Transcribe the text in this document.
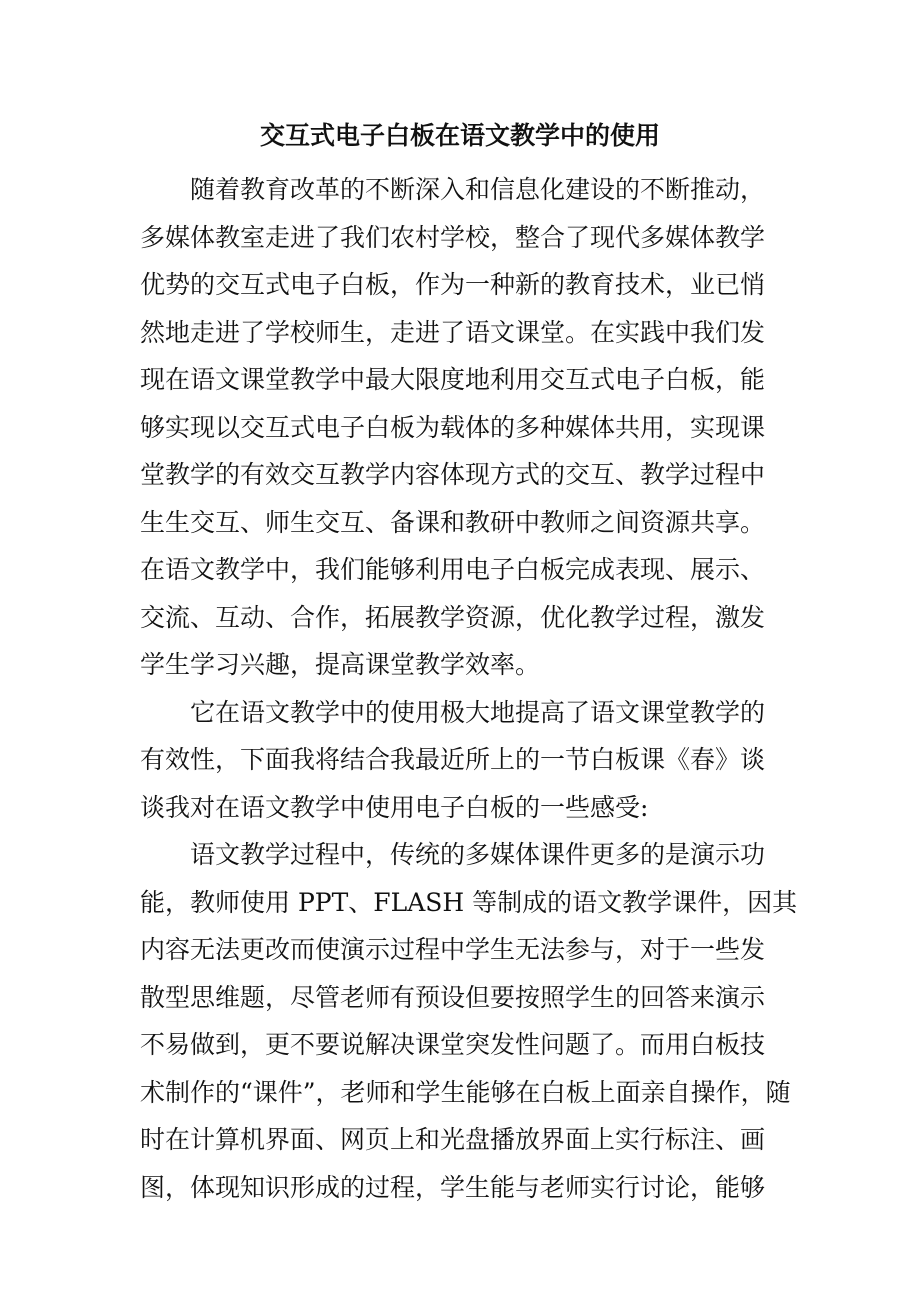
交互式电子白板在语文教学中的使用

随着教育改革的不断深入和信息化建设的不断推动，
多媒体教室走进了我们农村学校，整合了现代多媒体教学
优势的交互式电子白板，作为一种新的教育技术，业已悄
然地走进了学校师生，走进了语文课堂。在实践中我们发
现在语文课堂教学中最大限度地利用交互式电子白板，能
够实现以交互式电子白板为载体的多种媒体共用，实现课
堂教学的有效交互教学内容体现方式的交互、教学过程中
生生交互、师生交互、备课和教研中教师之间资源共享。
在语文教学中，我们能够利用电子白板完成表现、展示、
交流、互动、合作，拓展教学资源，优化教学过程，激发
学生学习兴趣，提高课堂教学效率。

它在语文教学中的使用极大地提高了语文课堂教学的
有效性，下面我将结合我最近所上的一节白板课《春》谈
谈我对在语文教学中使用电子白板的一些感受:

语文教学过程中，传统的多媒体课件更多的是演示功
能，教师使用 PPT、FLASH 等制成的语文教学课件，因其
内容无法更改而使演示过程中学生无法参与，对于一些发
散型思维题，尽管老师有预设但要按照学生的回答来演示
不易做到，更不要说解决课堂突发性问题了。而用白板技
术制作的“课件”，老师和学生能够在白板上面亲自操作，随
时在计算机界面、网页上和光盘播放界面上实行标注、画
图，体现知识形成的过程，学生能与老师实行讨论，能够
